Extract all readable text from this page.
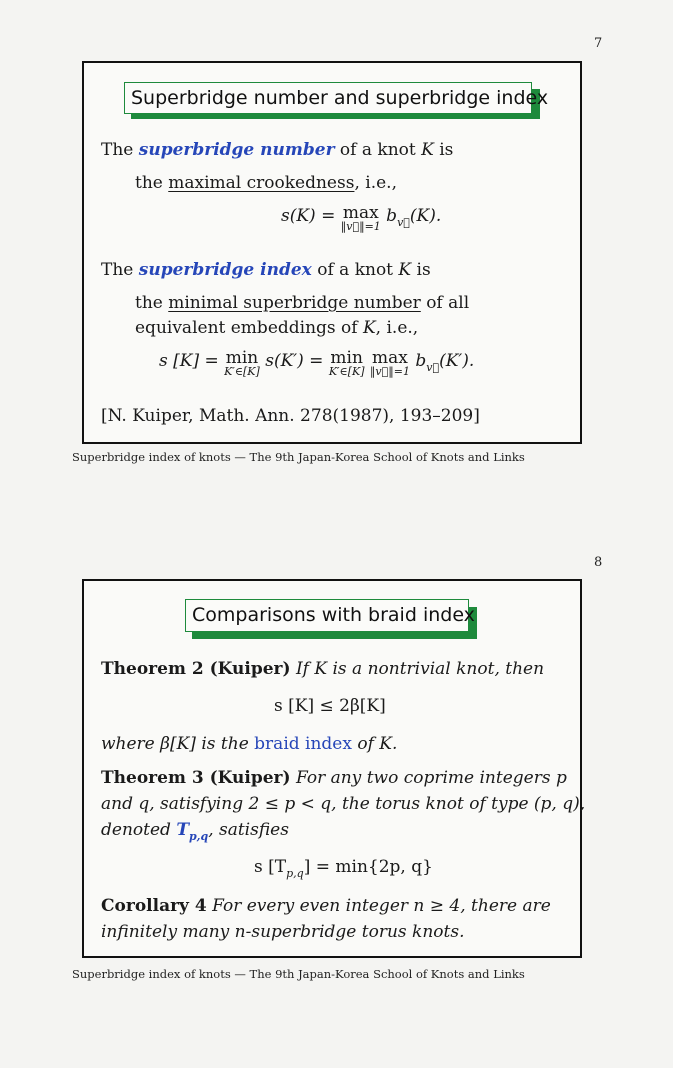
7
Superbridge number and superbridge index
The superbridge number of a knot K is
the maximal crookedness, i.e.,
s(K) = max
‖v⃗‖=1
$b_{v⃗}(K)$.
The superbridge index of a knot K is
the minimal superbridge number of all
equivalent embeddings of K, i.e.,
s [K] = min
K′∈[K]
s(K′) = min
K′∈[K]
max
‖v⃗‖=1
$b_{v⃗}(K')$.
[N. Kuiper, Math. Ann. 278(1987), 193–209]
Superbridge index of knots — The 9th Japan-Korea School of Knots and Links
8
Comparisons with braid index
Theorem 2 (Kuiper) If K is a nontrivial knot, then
s [K] ≤ 2β[K]
where β[K] is the braid index of K.
Theorem 3 (Kuiper) For any two coprime integers p
and q, satisfying 2 ≤ p < q, the torus knot of type (p, q),
denoted $T_{p,q}$, satisfies
s $[T_{p,q}] = \min\{2p$, q}
Corollary 4 For every even integer n ≥ 4, there are
infinitely many n-superbridge torus knots.
Superbridge index of knots — The 9th Japan-Korea School of Knots and Links
